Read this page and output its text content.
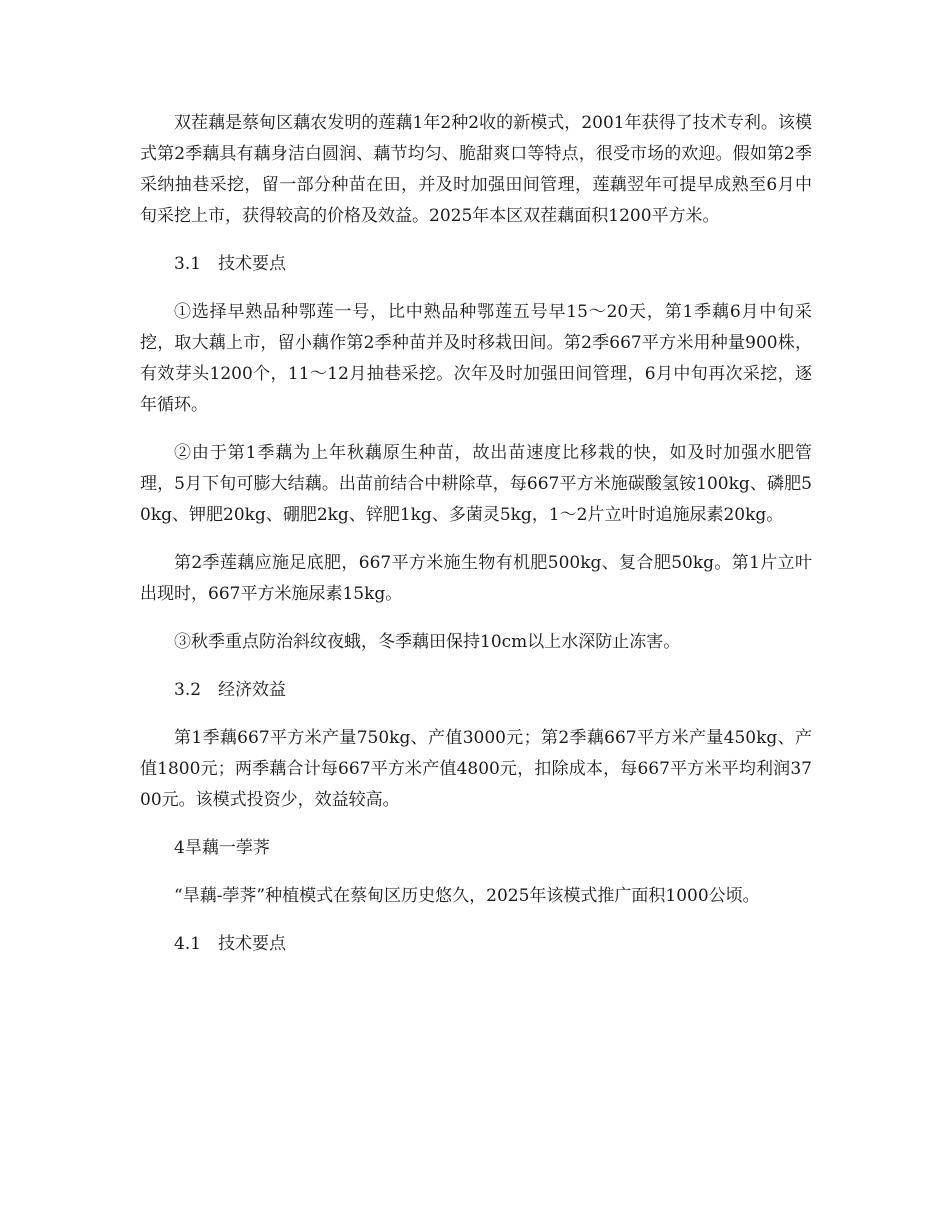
双茬藕是蔡甸区藕农发明的莲藕1年2种2收的新模式，2001年获得了技术专利。该模式第2季藕具有藕身洁白圆润、藕节均匀、脆甜爽口等特点，很受市场的欢迎。假如第2季采纳抽巷采挖，留一部分种苗在田，并及时加强田间管理，莲藕翌年可提早成熟至6月中旬采挖上市，获得较高的价格及效益。2025年本区双茬藕面积1200平方米。

3.1　技术要点

①选择早熟品种鄂莲一号，比中熟品种鄂莲五号早15～20天，第1季藕6月中旬采挖，取大藕上市，留小藕作第2季种苗并及时移栽田间。第2季667平方米用种量900株，有效芽头1200个，11～12月抽巷采挖。次年及时加强田间管理，6月中旬再次采挖，逐年循环。

②由于第1季藕为上年秋藕原生种苗，故出苗速度比移栽的快，如及时加强水肥管理，5月下旬可膨大结藕。出苗前结合中耕除草，每667平方米施碳酸氢铵100kg、磷肥50kg、钾肥20kg、硼肥2kg、锌肥1kg、多菌灵5kg，1～2片立叶时追施尿素20kg。

第2季莲藕应施足底肥，667平方米施生物有机肥500kg、复合肥50kg。第1片立叶出现时，667平方米施尿素15kg。

③秋季重点防治斜纹夜蛾，冬季藕田保持10cm以上水深防止冻害。

3.2　经济效益

第1季藕667平方米产量750kg、产值3000元；第2季藕667平方米产量450kg、产值1800元；两季藕合计每667平方米产值4800元，扣除成本，每667平方米平均利润3700元。该模式投资少，效益较高。

4旱藕一荸荠

“旱藕-荸荠”种植模式在蔡甸区历史悠久，2025年该模式推广面积1000公顷。

4.1　技术要点
